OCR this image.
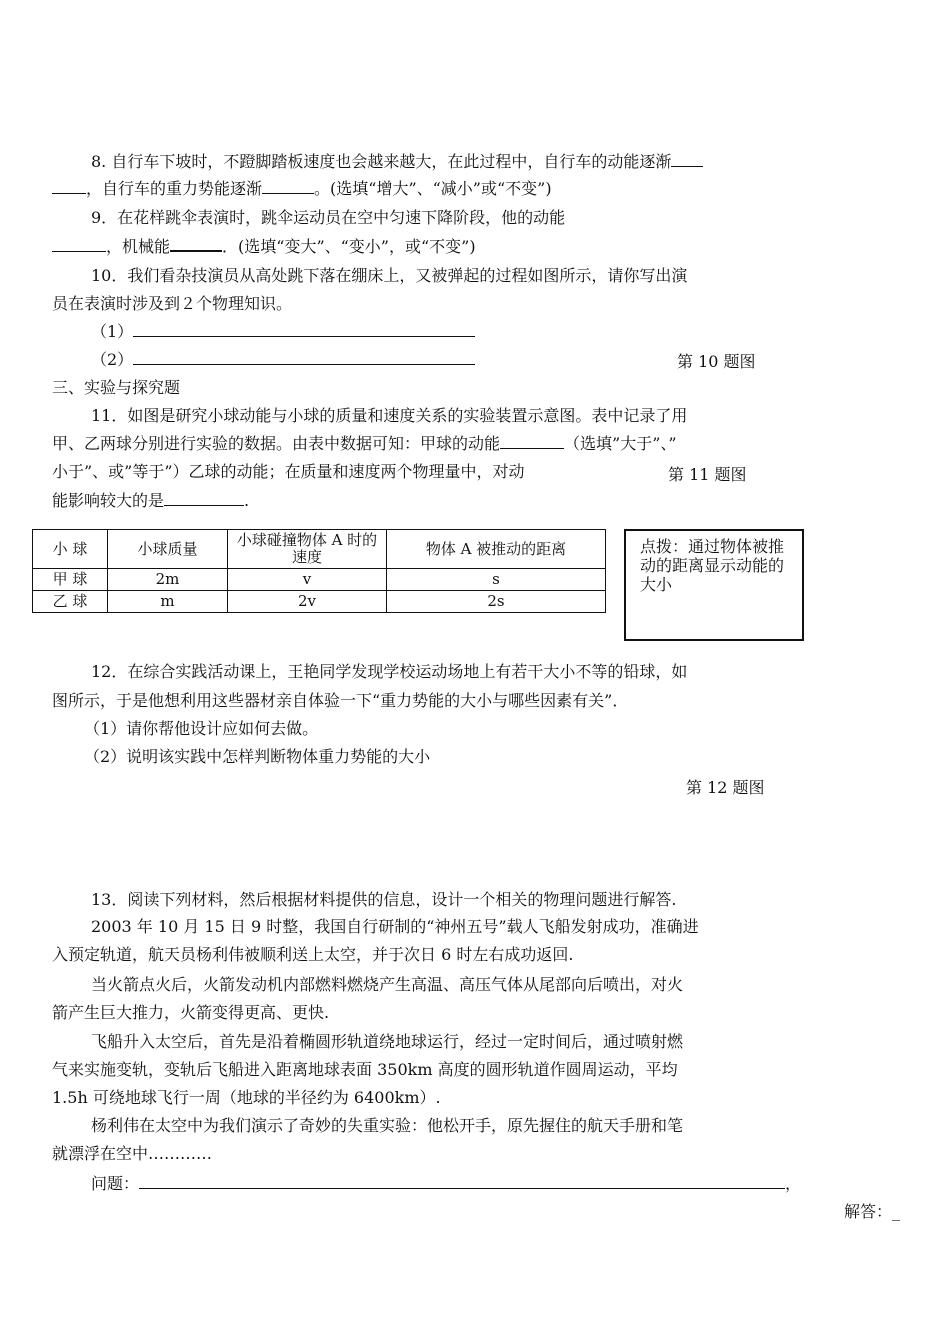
8. 自行车下坡时，不蹬脚踏板速度也会越来越大，在此过程中，自行车的动能逐渐
，自行车的重力势能逐渐	。(选填“增大”、“减小”或“不变”)
9．在花样跳伞表演时，跳伞运动员在空中匀速下降阶段，他的动能
，机械能	．(选填“变大”、“变小”，或“不变”)
10．我们看杂技演员从高处跳下落在绷床上，又被弹起的过程如图所示，请你写出演
员在表演时涉及到２个物理知识。
（1）
（2）	第 10 题图
三、实验与探究题
11．如图是研究小球动能与小球的质量和速度关系的实验装置示意图。表中记录了用
甲、乙两球分别进行实验的数据。由表中数据可知：甲球的动能	（选填”大于”、”
小于”、或”等于”）乙球的动能；在质量和速度两个物理量中，对动	第 11 题图
能影响较大的是	.
小 球	小球质量	小球碰撞物体 A 时的速度	物体 A 被推动的距离
甲 球	2m	v	s
乙 球	m	2v	2s
点拨：通过物体被推动的距离显示动能的大小
12．在综合实践活动课上，王艳同学发现学校运动场地上有若干大小不等的铅球，如
图所示，于是他想利用这些器材亲自体验一下“重力势能的大小与哪些因素有关”．
（1）请你帮他设计应如何去做。
（2）说明该实践中怎样判断物体重力势能的大小
第 12 题图
13．阅读下列材料，然后根据材料提供的信息，设计一个相关的物理问题进行解答.
2003 年 10 月 15 日 9 时整，我国自行研制的“神州五号”载人飞船发射成功，准确进
入预定轨道，航天员杨利伟被顺利送上太空，并于次日 6 时左右成功返回.
当火箭点火后，火箭发动机内部燃料燃烧产生高温、高压气体从尾部向后喷出，对火
箭产生巨大推力，火箭变得更高、更快.
飞船升入太空后，首先是沿着椭圆形轨道绕地球运行，经过一定时间后，通过喷射燃
气来实施变轨，变轨后飞船进入距离地球表面 350km 高度的圆形轨道作圆周运动，平均
1.5h 可绕地球飞行一周（地球的半径约为 6400km）.
杨利伟在太空中为我们演示了奇妙的失重实验：他松开手，原先握住的航天手册和笔
就漂浮在空中…………
问题：	，
解答：_
